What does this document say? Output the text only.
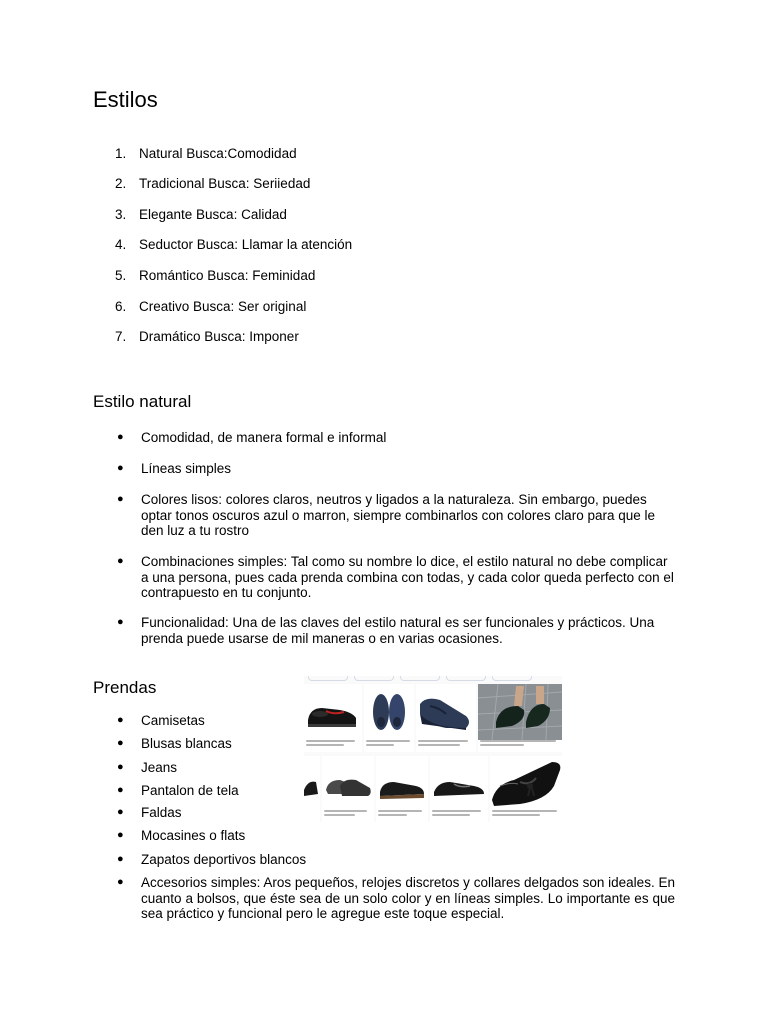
Estilos
1. Natural Busca:Comodidad
2. Tradicional Busca: Seriiedad
3. Elegante Busca: Calidad
4. Seductor Busca: Llamar la atención
5. Romántico Busca: Feminidad
6. Creativo Busca: Ser original
7. Dramático Busca: Imponer
Estilo natural
●	Comodidad, de manera formal e informal
●	Líneas simples
●	Colores lisos: colores claros, neutros y ligados a la naturaleza. Sin embargo, puedes optar tonos oscuros azul o marron, siempre combinarlos con colores claro para que le den luz a tu rostro
●	Combinaciones simples: Tal como su nombre lo dice, el estilo natural no debe complicar a una persona, pues cada prenda combina con todas, y cada color queda perfecto con el contrapuesto en tu conjunto.
●	Funcionalidad: Una de las claves del estilo natural es ser funcionales y prácticos. Una prenda puede usarse de mil maneras o en varias ocasiones.
Prendas
●	Camisetas
●	Blusas blancas
●	Jeans
●	Pantalon de tela
●	Faldas
●	Mocasines o flats
●	Zapatos deportivos blancos
●	Accesorios simples: Aros pequeños, relojes discretos y collares delgados son ideales. En cuanto a bolsos, que éste sea de un solo color y en líneas simples. Lo importante es que sea práctico y funcional pero le agregue este toque especial.
